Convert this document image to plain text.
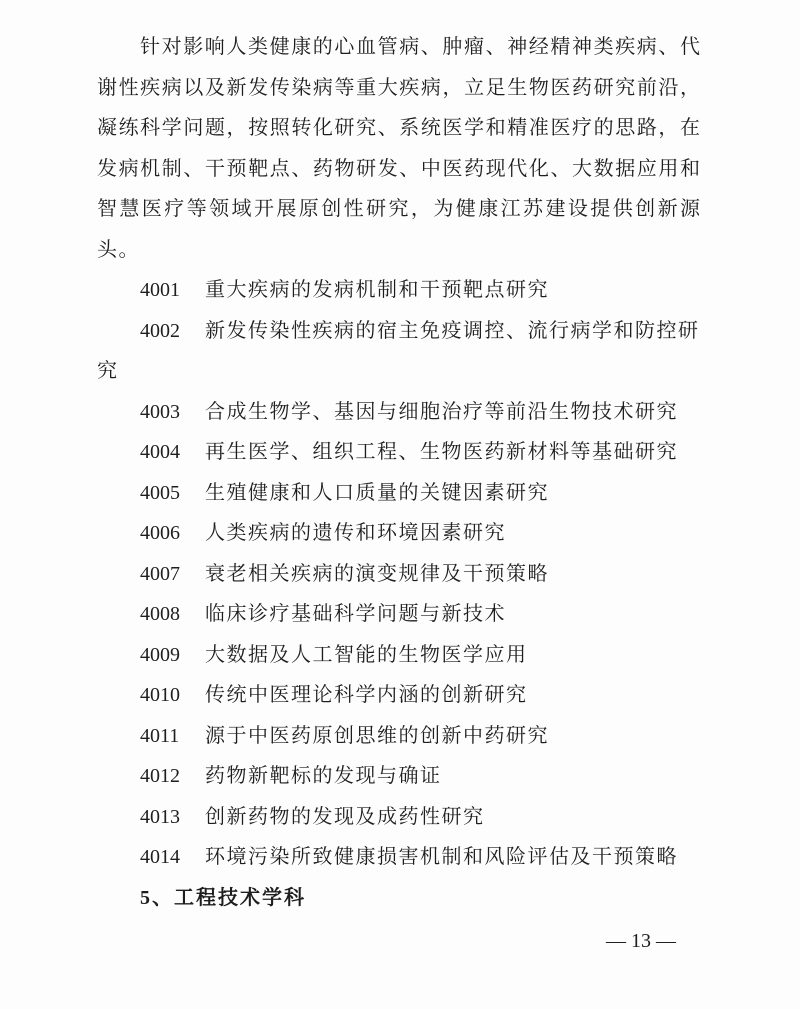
针对影响人类健康的心血管病、肿瘤、神经精神类疾病、代
谢性疾病以及新发传染病等重大疾病，立足生物医药研究前沿，
凝练科学问题，按照转化研究、系统医学和精准医疗的思路，在
发病机制、干预靶点、药物研发、中医药现代化、大数据应用和
智慧医疗等领域开展原创性研究，为健康江苏建设提供创新源
头。
4001 重大疾病的发病机制和干预靶点研究
4002 新发传染性疾病的宿主免疫调控、流行病学和防控研
究
4003 合成生物学、基因与细胞治疗等前沿生物技术研究
4004 再生医学、组织工程、生物医药新材料等基础研究
4005 生殖健康和人口质量的关键因素研究
4006 人类疾病的遗传和环境因素研究
4007 衰老相关疾病的演变规律及干预策略
4008 临床诊疗基础科学问题与新技术
4009 大数据及人工智能的生物医学应用
4010 传统中医理论科学内涵的创新研究
4011 源于中医药原创思维的创新中药研究
4012 药物新靶标的发现与确证
4013 创新药物的发现及成药性研究
4014 环境污染所致健康损害机制和风险评估及干预策略
5、工程技术学科
— 13 —
